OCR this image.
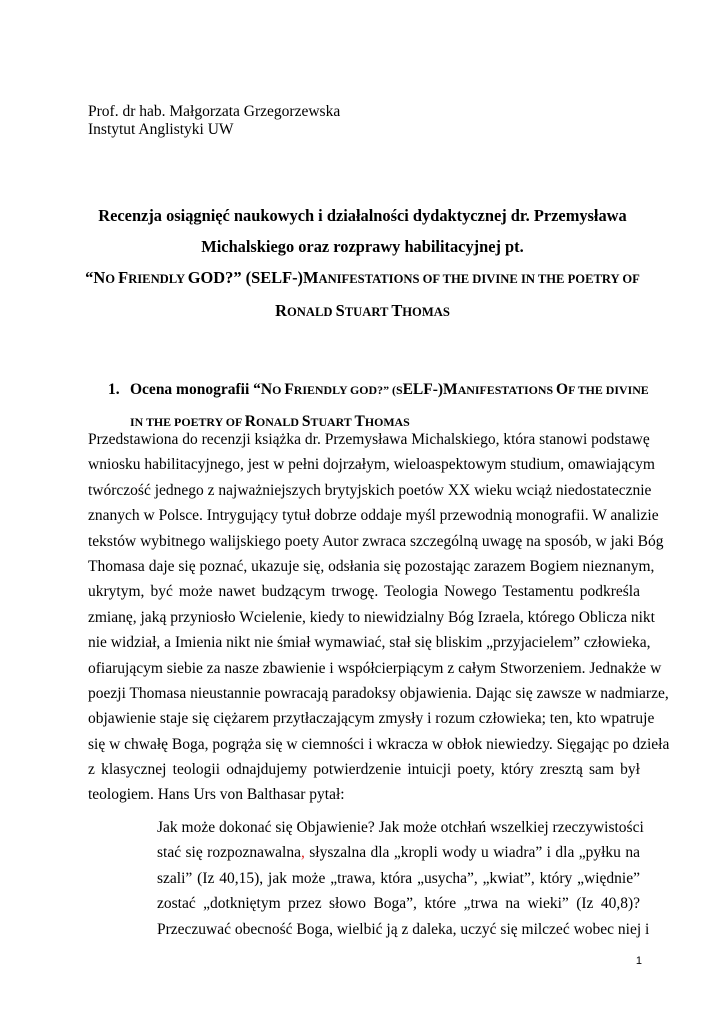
Prof. dr hab. Małgorzata Grzegorzewska
Instytut Anglistyki UW
Recenzja osiągnięć naukowych i działalności dydaktycznej dr. Przemysława
Michalskiego oraz rozprawy habilitacyjnej pt.
“NO FRIENDLY GOD?” (SELF-)MANIFESTATIONS OF THE DIVINE IN THE POETRY OF
RONALD STUART THOMAS
1. Ocena monografii “NO FRIENDLY GOD?” (SELF-)MANIFESTATIONS OF THE DIVINE
IN THE POETRY OF RONALD STUART THOMAS
Przedstawiona do recenzji książka dr. Przemysława Michalskiego, która stanowi podstawę
wniosku habilitacyjnego, jest w pełni dojrzałym, wieloaspektowym studium, omawiającym
twórczość jednego z najważniejszych brytyjskich poetów XX wieku wciąż niedostatecznie
znanych w Polsce. Intrygujący tytuł dobrze oddaje myśl przewodnią monografii. W analizie
tekstów wybitnego walijskiego poety Autor zwraca szczególną uwagę na sposób, w jaki Bóg
Thomasa daje się poznać, ukazuje się, odsłania się pozostając zarazem Bogiem nieznanym,
ukrytym, być może nawet budzącym trwogę. Teologia Nowego Testamentu podkreśla
zmianę, jaką przyniosło Wcielenie, kiedy to niewidzialny Bóg Izraela, którego Oblicza nikt
nie widział, a Imienia nikt nie śmiał wymawiać, stał się bliskim „przyjacielem” człowieka,
ofiarującym siebie za nasze zbawienie i współcierpiącym z całym Stworzeniem. Jednakże w
poezji Thomasa nieustannie powracają paradoksy objawienia. Dając się zawsze w nadmiarze,
objawienie staje się ciężarem przytłaczającym zmysły i rozum człowieka; ten, kto wpatruje
się w chwałę Boga, pogrąża się w ciemności i wkracza w obłok niewiedzy. Sięgając po dzieła
z klasycznej teologii odnajdujemy potwierdzenie intuicji poety, który zresztą sam był
teologiem. Hans Urs von Balthasar pytał:
Jak może dokonać się Objawienie? Jak może otchłań wszelkiej rzeczywistości
stać się rozpoznawalna, słyszalna dla „kropli wody u wiadra” i dla „pyłku na
szali” (Iz 40,15), jak może „trawa, która „usycha”, „kwiat”, który „więdnie”
zostać „dotkniętym przez słowo Boga”, które „trwa na wieki” (Iz 40,8)?
Przeczuwać obecność Boga, wielbić ją z daleka, uczyć się milczeć wobec niej i
1
